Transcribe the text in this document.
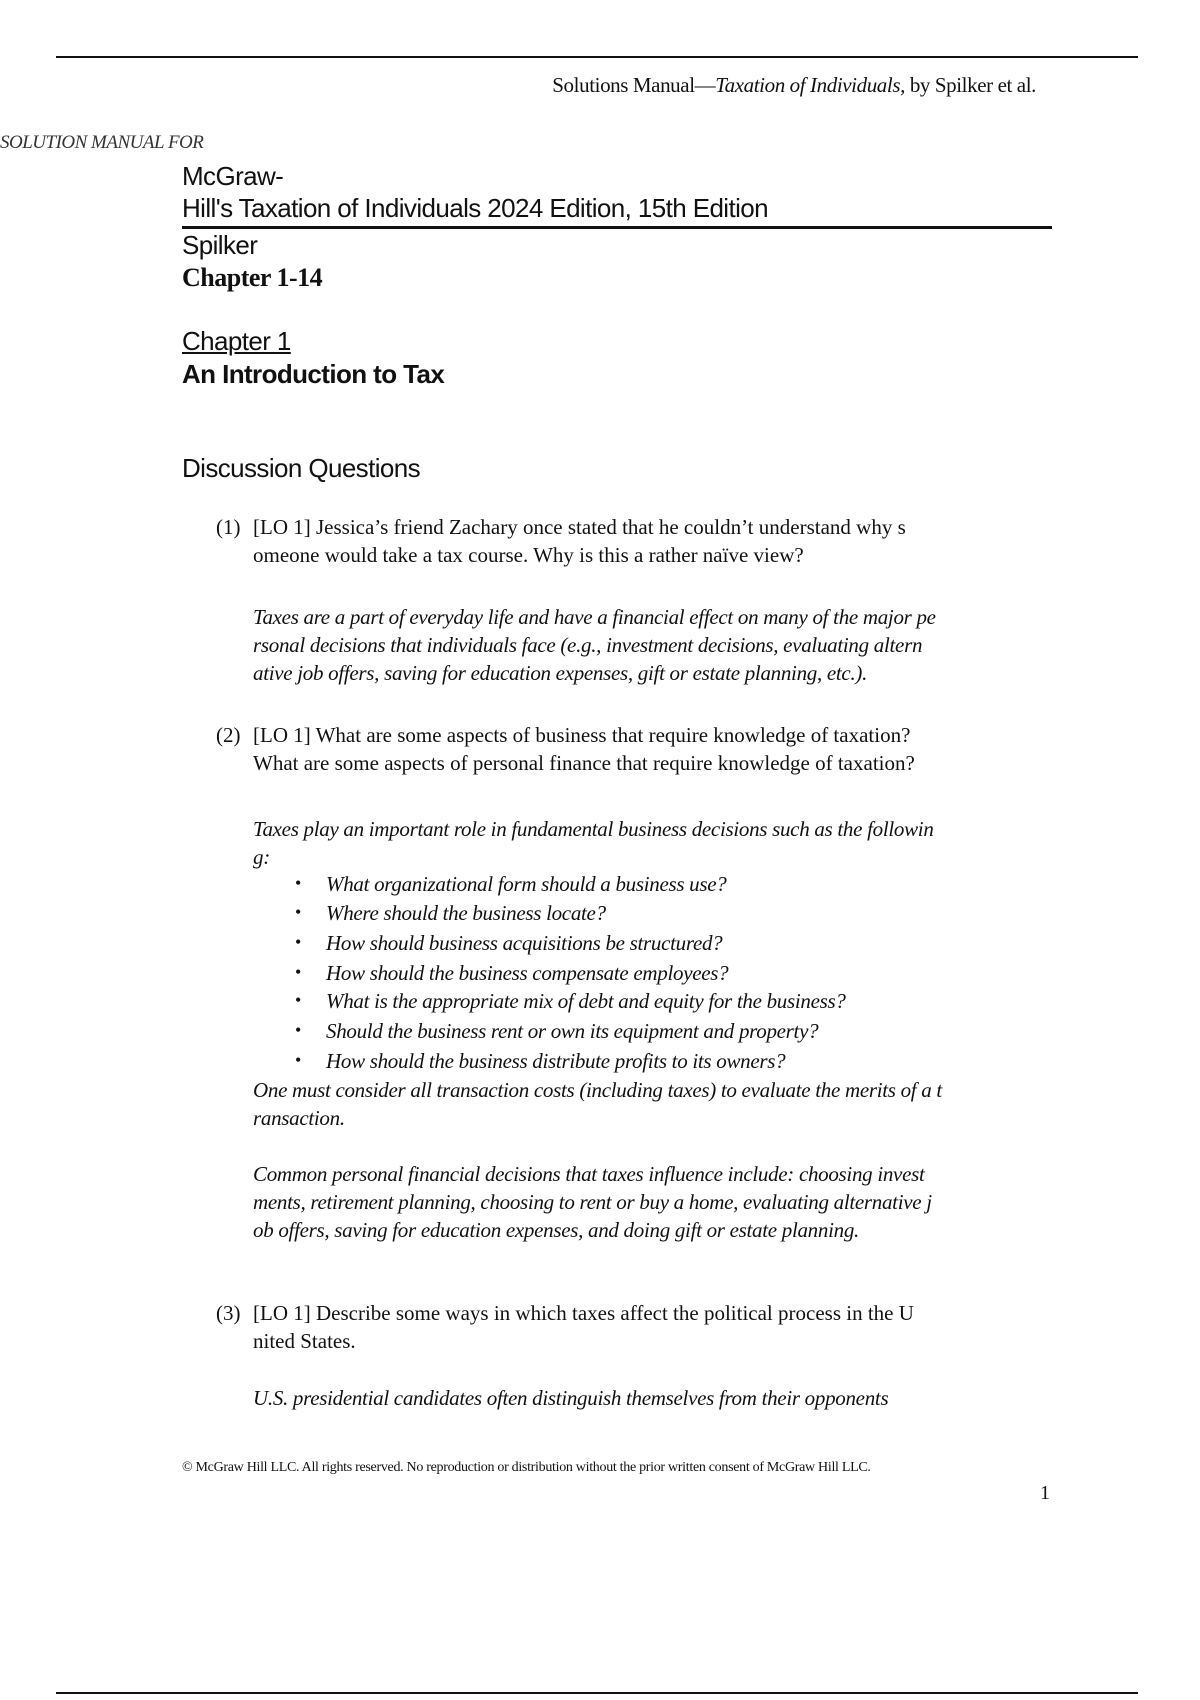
Solutions Manual—Taxation of Individuals, by Spilker et al.
SOLUTION MANUAL FOR
McGraw-
Hill's Taxation of Individuals 2024 Edition, 15th Edition
Spilker
Chapter 1-14
Chapter 1
An Introduction to Tax
Discussion Questions
(1) [LO 1] Jessica’s friend Zachary once stated that he couldn’t understand why s
omeone would take a tax course. Why is this a rather naïve view?
Taxes are a part of everyday life and have a financial effect on many of the major pe
rsonal decisions that individuals face (e.g., investment decisions, evaluating altern
ative job offers, saving for education expenses, gift or estate planning, etc.).
(2) [LO 1] What are some aspects of business that require knowledge of taxation?
What are some aspects of personal finance that require knowledge of taxation?
Taxes play an important role in fundamental business decisions such as the followin
g:
• What organizational form should a business use?
• Where should the business locate?
• How should business acquisitions be structured?
• How should the business compensate employees?
• What is the appropriate mix of debt and equity for the business?
• Should the business rent or own its equipment and property?
• How should the business distribute profits to its owners?
One must consider all transaction costs (including taxes) to evaluate the merits of a t
ransaction.
Common personal financial decisions that taxes influence include: choosing invest
ments, retirement planning, choosing to rent or buy a home, evaluating alternative j
ob offers, saving for education expenses, and doing gift or estate planning.
(3) [LO 1] Describe some ways in which taxes affect the political process in the U
nited States.
U.S. presidential candidates often distinguish themselves from their opponents
© McGraw Hill LLC. All rights reserved. No reproduction or distribution without the prior written consent of McGraw Hill LLC.
1
